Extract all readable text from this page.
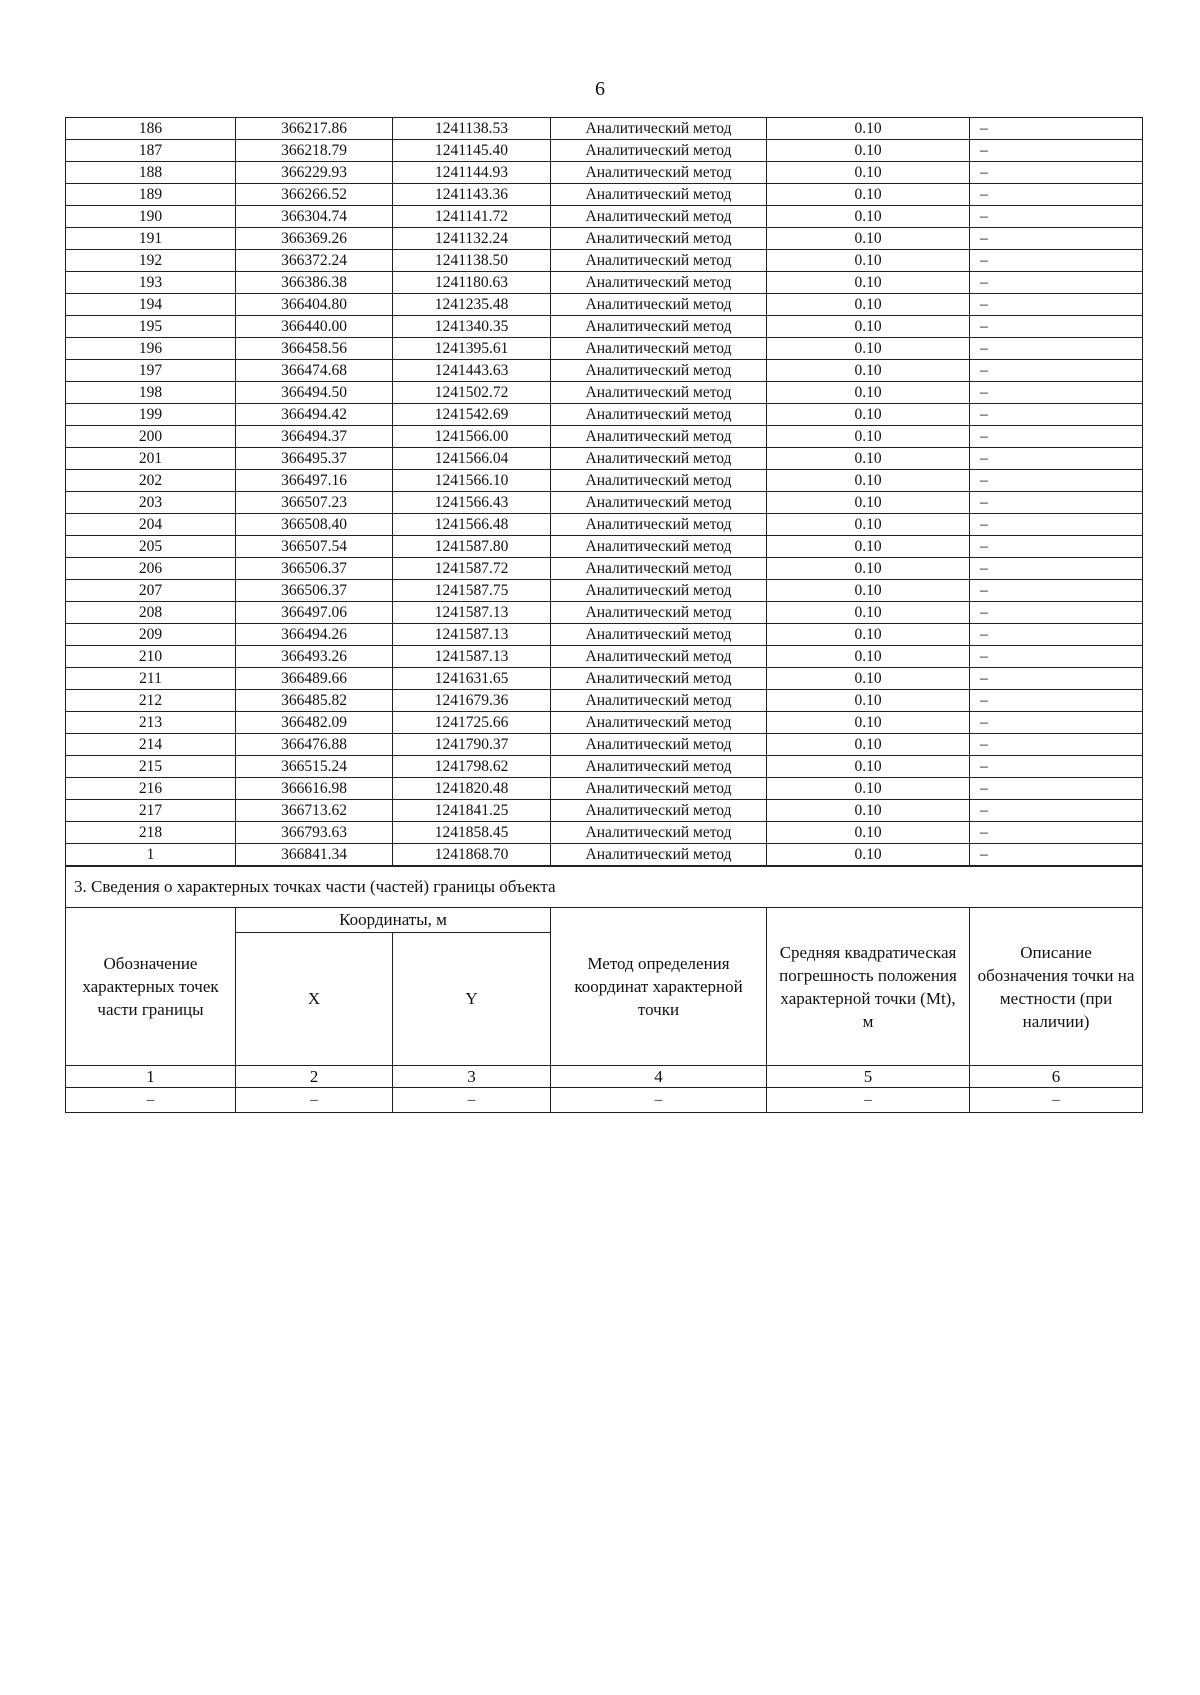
6
186	366217.86	1241138.53	Аналитический метод	0.10	–
187	366218.79	1241145.40	Аналитический метод	0.10	–
188	366229.93	1241144.93	Аналитический метод	0.10	–
189	366266.52	1241143.36	Аналитический метод	0.10	–
190	366304.74	1241141.72	Аналитический метод	0.10	–
191	366369.26	1241132.24	Аналитический метод	0.10	–
192	366372.24	1241138.50	Аналитический метод	0.10	–
193	366386.38	1241180.63	Аналитический метод	0.10	–
194	366404.80	1241235.48	Аналитический метод	0.10	–
195	366440.00	1241340.35	Аналитический метод	0.10	–
196	366458.56	1241395.61	Аналитический метод	0.10	–
197	366474.68	1241443.63	Аналитический метод	0.10	–
198	366494.50	1241502.72	Аналитический метод	0.10	–
199	366494.42	1241542.69	Аналитический метод	0.10	–
200	366494.37	1241566.00	Аналитический метод	0.10	–
201	366495.37	1241566.04	Аналитический метод	0.10	–
202	366497.16	1241566.10	Аналитический метод	0.10	–
203	366507.23	1241566.43	Аналитический метод	0.10	–
204	366508.40	1241566.48	Аналитический метод	0.10	–
205	366507.54	1241587.80	Аналитический метод	0.10	–
206	366506.37	1241587.72	Аналитический метод	0.10	–
207	366506.37	1241587.75	Аналитический метод	0.10	–
208	366497.06	1241587.13	Аналитический метод	0.10	–
209	366494.26	1241587.13	Аналитический метод	0.10	–
210	366493.26	1241587.13	Аналитический метод	0.10	–
211	366489.66	1241631.65	Аналитический метод	0.10	–
212	366485.82	1241679.36	Аналитический метод	0.10	–
213	366482.09	1241725.66	Аналитический метод	0.10	–
214	366476.88	1241790.37	Аналитический метод	0.10	–
215	366515.24	1241798.62	Аналитический метод	0.10	–
216	366616.98	1241820.48	Аналитический метод	0.10	–
217	366713.62	1241841.25	Аналитический метод	0.10	–
218	366793.63	1241858.45	Аналитический метод	0.10	–
1	366841.34	1241868.70	Аналитический метод	0.10	–
3. Сведения о характерных точках части (частей) границы объекта					
Обозначение характерных точек части границы	Координаты, м		Метод определения координат характерной точки	Средняя квадратическая погрешность положения характерной точки (Mt), м	Описание обозначения точки на местности (при наличии)
	X	Y			
1	2	3	4	5	6
–	–	–	–	–	–
